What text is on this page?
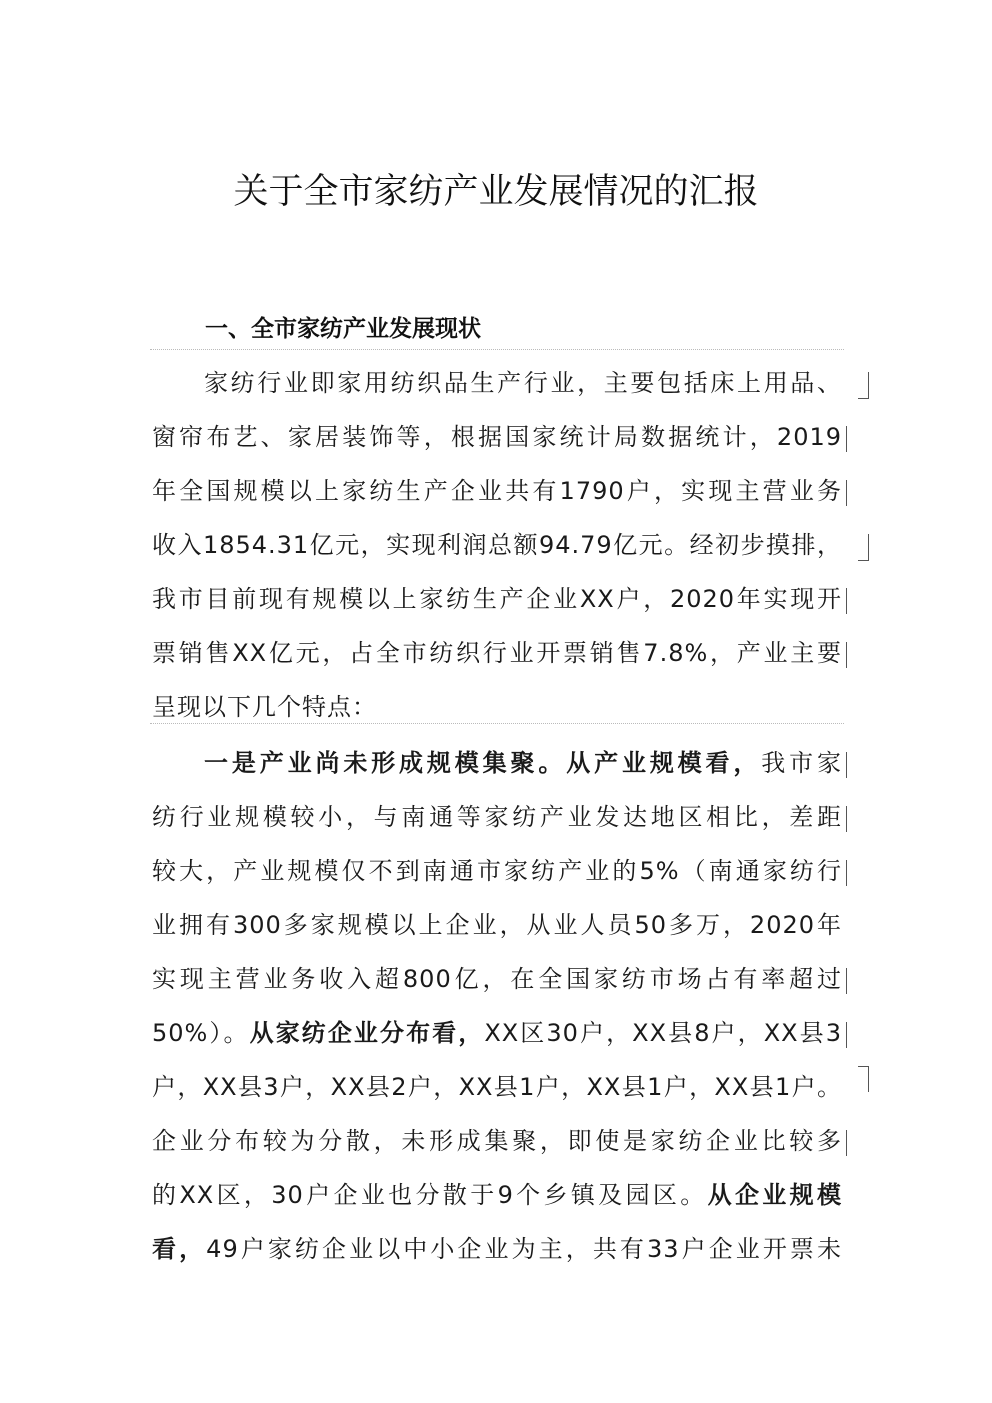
关于全市家纺产业发展情况的汇报
一、全市家纺产业发展现状
家纺行业即家用纺织品生产行业，主要包括床上用品、
窗帘布艺、家居装饰等，根据国家统计局数据统计，2019
年全国规模以上家纺生产企业共有1790户，实现主营业务
收入1854.31亿元，实现利润总额94.79亿元。经初步摸排，
我市目前现有规模以上家纺生产企业XX户，2020年实现开
票销售XX亿元，占全市纺织行业开票销售7.8%，产业主要
呈现以下几个特点：
一是产业尚未形成规模集聚。从产业规模看，我市家
纺行业规模较小，与南通等家纺产业发达地区相比，差距
较大，产业规模仅不到南通市家纺产业的5%（南通家纺行
业拥有300多家规模以上企业，从业人员50多万，2020年
实现主营业务收入超800亿，在全国家纺市场占有率超过
50%）。从家纺企业分布看，XX区30户，XX县8户，XX县3
户，XX县3户，XX县2户，XX县1户，XX县1户，XX县1户。
企业分布较为分散，未形成集聚，即使是家纺企业比较多
的XX区，30户企业也分散于9个乡镇及园区。从企业规模
看，49户家纺企业以中小企业为主，共有33户企业开票未
